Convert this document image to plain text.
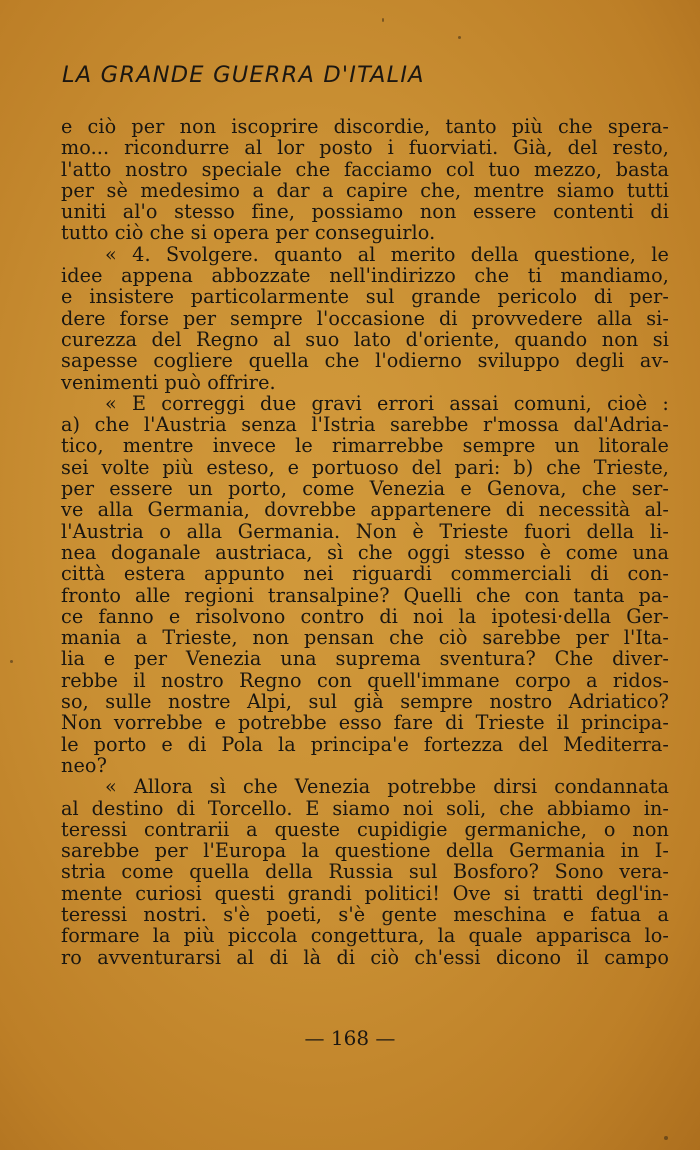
LA GRANDE GUERRA D'ITALIA
e ciò per non iscoprire discordie, tanto più che spera-
mo... ricondurre al lor posto i fuorviati. Già, del resto,
l'atto nostro speciale che facciamo col tuo mezzo, basta
per sè medesimo a dar a capire che, mentre siamo tutti
uniti al'o stesso fine, possiamo non essere contenti di
tutto ciò che si opera per conseguirlo.
« 4. Svolgere. quanto al merito della questione, le
idee appena abbozzate nell'indirizzo che ti mandiamo,
e insistere particolarmente sul grande pericolo di per-
dere forse per sempre l'occasione di provvedere alla si-
curezza del Regno al suo lato d'oriente, quando non si
sapesse cogliere quella che l'odierno sviluppo degli av-
venimenti può offrire.
« E correggi due gravi errori assai comuni, cioè :
a) che l'Austria senza l'Istria sarebbe r'mossa dal'Adria-
tico, mentre invece le rimarrebbe sempre un litorale
sei volte più esteso, e portuoso del pari: b) che Trieste,
per essere un porto, come Venezia e Genova, che ser-
ve alla Germania, dovrebbe appartenere di necessità al-
l'Austria o alla Germania. Non è Trieste fuori della li-
nea doganale austriaca, sì che oggi stesso è come una
città estera appunto nei riguardi commerciali di con-
fronto alle regioni transalpine? Quelli che con tanta pa-
ce fanno e risolvono contro di noi la ipotesi·della Ger-
mania a Trieste, non pensan che ciò sarebbe per l'Ita-
lia e per Venezia una suprema sventura? Che diver-
rebbe il nostro Regno con quell'immane corpo a ridos-
so, sulle nostre Alpi, sul già sempre nostro Adriatico?
Non vorrebbe e potrebbe esso fare di Trieste il principa-
le porto e di Pola la principa'e fortezza del Mediterra-
neo?
« Allora sì che Venezia potrebbe dirsi condannata
al destino di Torcello. E siamo noi soli, che abbiamo in-
teressi contrarii a queste cupidigie germaniche, o non
sarebbe per l'Europa la questione della Germania in I-
stria come quella della Russia sul Bosforo? Sono vera-
mente curiosi questi grandi politici! Ove si tratti degl'in-
teressi nostri. s'è poeti, s'è gente meschina e fatua a
formare la più piccola congettura, la quale apparisca lo-
ro avventurarsi al di là di ciò ch'essi dicono il campo
— 168 —
